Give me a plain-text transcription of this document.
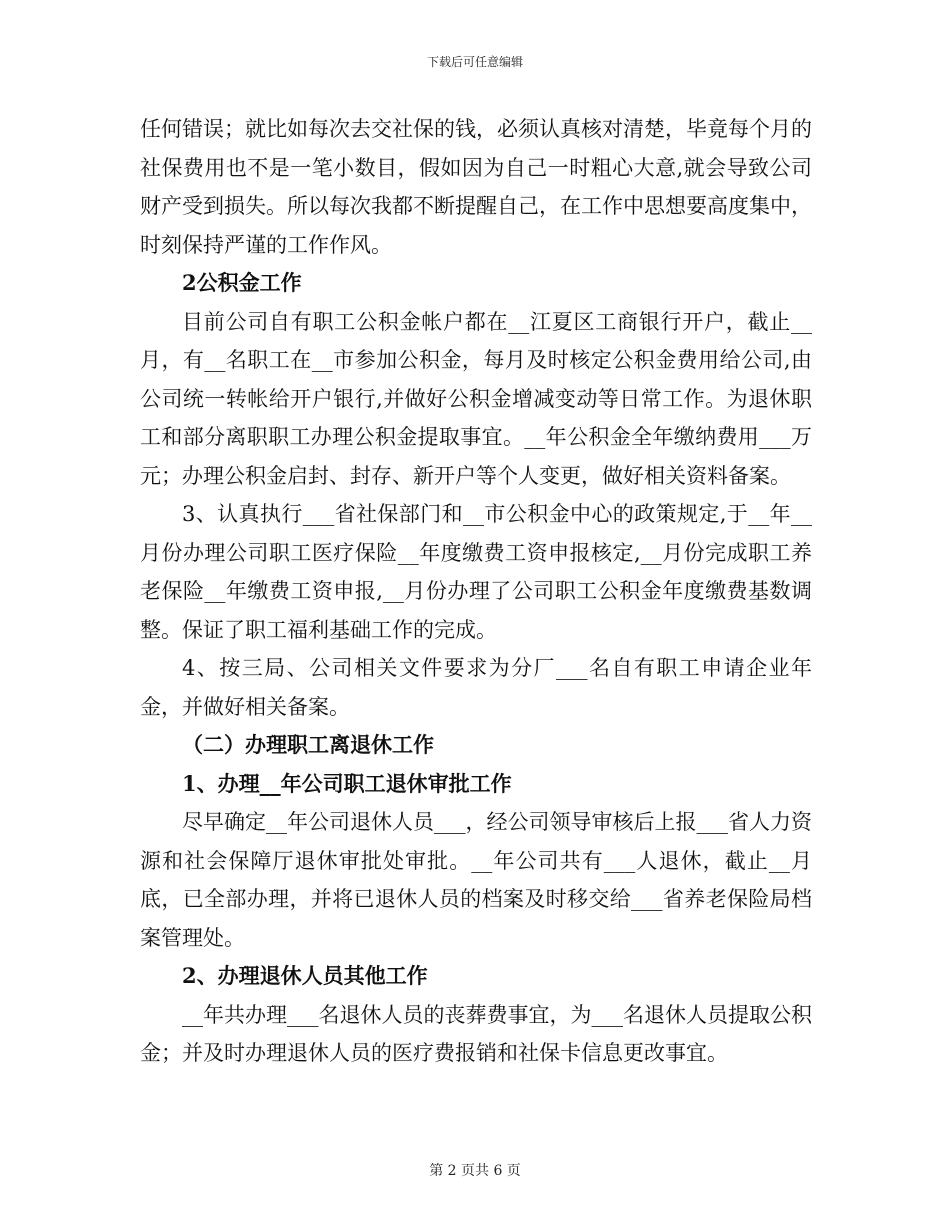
下载后可任意编辑

任何错误；就比如每次去交社保的钱，必须认真核对清楚，毕竟每个月的社保费用也不是一笔小数目，假如因为自己一时粗心大意,就会导致公司财产受到损失。所以每次我都不断提醒自己，在工作中思想要高度集中，时刻保持严谨的工作作风。

2公积金工作

目前公司自有职工公积金帐户都在__江夏区工商银行开户，截止__月，有__名职工在__市参加公积金，每月及时核定公积金费用给公司,由公司统一转帐给开户银行,并做好公积金增减变动等日常工作。为退休职工和部分离职职工办理公积金提取事宜。__年公积金全年缴纳费用___万元；办理公积金启封、封存、新开户等个人变更，做好相关资料备案。

3、认真执行___省社保部门和__市公积金中心的政策规定,于__年__月份办理公司职工医疗保险__年度缴费工资申报核定,__月份完成职工养老保险__年缴费工资申报,__月份办理了公司职工公积金年度缴费基数调整。保证了职工福利基础工作的完成。

4、按三局、公司相关文件要求为分厂___名自有职工申请企业年金，并做好相关备案。

（二）办理职工离退休工作

1、办理__年公司职工退休审批工作

尽早确定__年公司退休人员___，经公司领导审核后上报___省人力资源和社会保障厅退休审批处审批。__年公司共有___人退休，截止__月底，已全部办理，并将已退休人员的档案及时移交给___省养老保险局档案管理处。

2、办理退休人员其他工作

__年共办理___名退休人员的丧葬费事宜，为___名退休人员提取公积金；并及时办理退休人员的医疗费报销和社保卡信息更改事宜。

第 2 页共 6 页
